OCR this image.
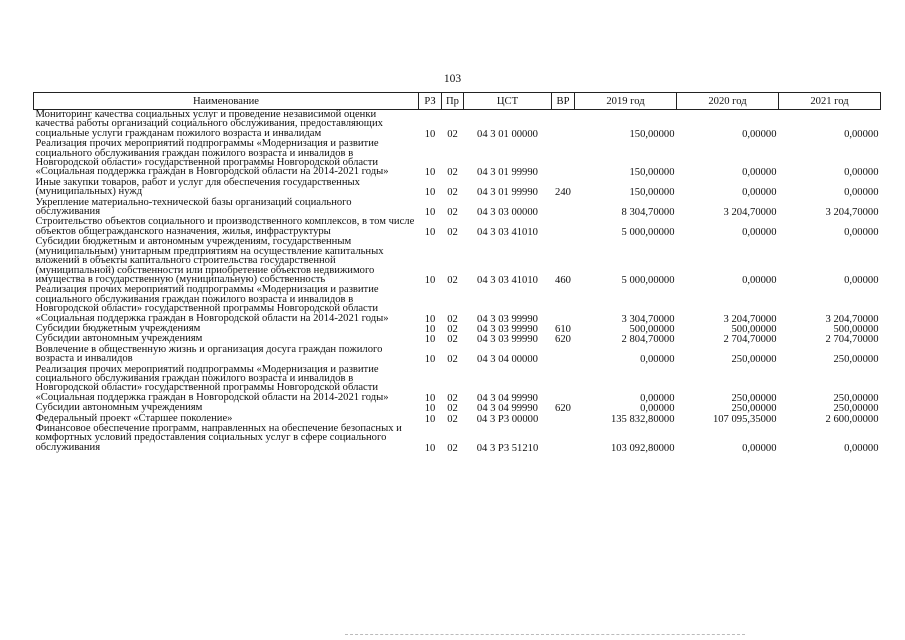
103
Наименование	РЗ	Пр	ЦСТ	ВР	2019 год	2020 год	2021 год
Мониторинг качества социальных услуг и проведение независимой оценки качества работы организаций социального обслуживания, предоставляющих социальные услуги гражданам пожилого возраста и инвалидам	10	02	04 3 01 00000		150,00000	0,00000	0,00000
Реализация прочих мероприятий подпрограммы «Модернизация и развитие социального обслуживания граждан пожилого возраста и инвалидов в Новгородской области» государственной программы Новгородской области «Социальная поддержка граждан в Новгородской области на 2014-2021 годы»	10	02	04 3 01 99990		150,00000	0,00000	0,00000
Иные закупки товаров, работ и услуг для обеспечения государственных (муниципальных) нужд	10	02	04 3 01 99990	240	150,00000	0,00000	0,00000
Укрепление материально-технической базы организаций социального обслуживания	10	02	04 3 03 00000		8 304,70000	3 204,70000	3 204,70000
Строительство объектов социального и производственного комплексов, в том числе объектов общегражданского назначения, жилья, инфраструктуры	10	02	04 3 03 41010		5 000,00000	0,00000	0,00000
Субсидии бюджетным и автономным учреждениям, государственным (муниципальным) унитарным предприятиям на осуществление капитальных вложений в объекты капитального строительства государственной (муниципальной) собственности или приобретение объектов недвижимого имущества в государственную (муниципальную) собственность	10	02	04 3 03 41010	460	5 000,00000	0,00000	0,00000
Реализация прочих мероприятий подпрограммы «Модернизация и развитие социального обслуживания граждан пожилого возраста и инвалидов в Новгородской области» государственной программы Новгородской области «Социальная поддержка граждан в Новгородской области на 2014-2021 годы»	10	02	04 3 03 99990		3 304,70000	3 204,70000	3 204,70000
Субсидии бюджетным учреждениям	10	02	04 3 03 99990	610	500,00000	500,00000	500,00000
Субсидии автономным учреждениям	10	02	04 3 03 99990	620	2 804,70000	2 704,70000	2 704,70000
Вовлечение в общественную жизнь и организация досуга граждан пожилого возраста и инвалидов	10	02	04 3 04 00000		0,00000	250,00000	250,00000
Реализация прочих мероприятий подпрограммы «Модернизация и развитие социального обслуживания граждан пожилого возраста и инвалидов в Новгородской области» государственной программы Новгородской области «Социальная поддержка граждан в Новгородской области на 2014-2021 годы»	10	02	04 3 04 99990		0,00000	250,00000	250,00000
Субсидии автономным учреждениям	10	02	04 3 04 99990	620	0,00000	250,00000	250,00000
Федеральный проект «Старшее поколение»	10	02	04 3 P3 00000		135 832,80000	107 095,35000	2 600,00000
Финансовое обеспечение программ, направленных на обеспечение безопасных и комфортных условий предоставления социальных услуг в сфере социального обслуживания	10	02	04 3 P3 51210		103 092,80000	0,00000	0,00000
